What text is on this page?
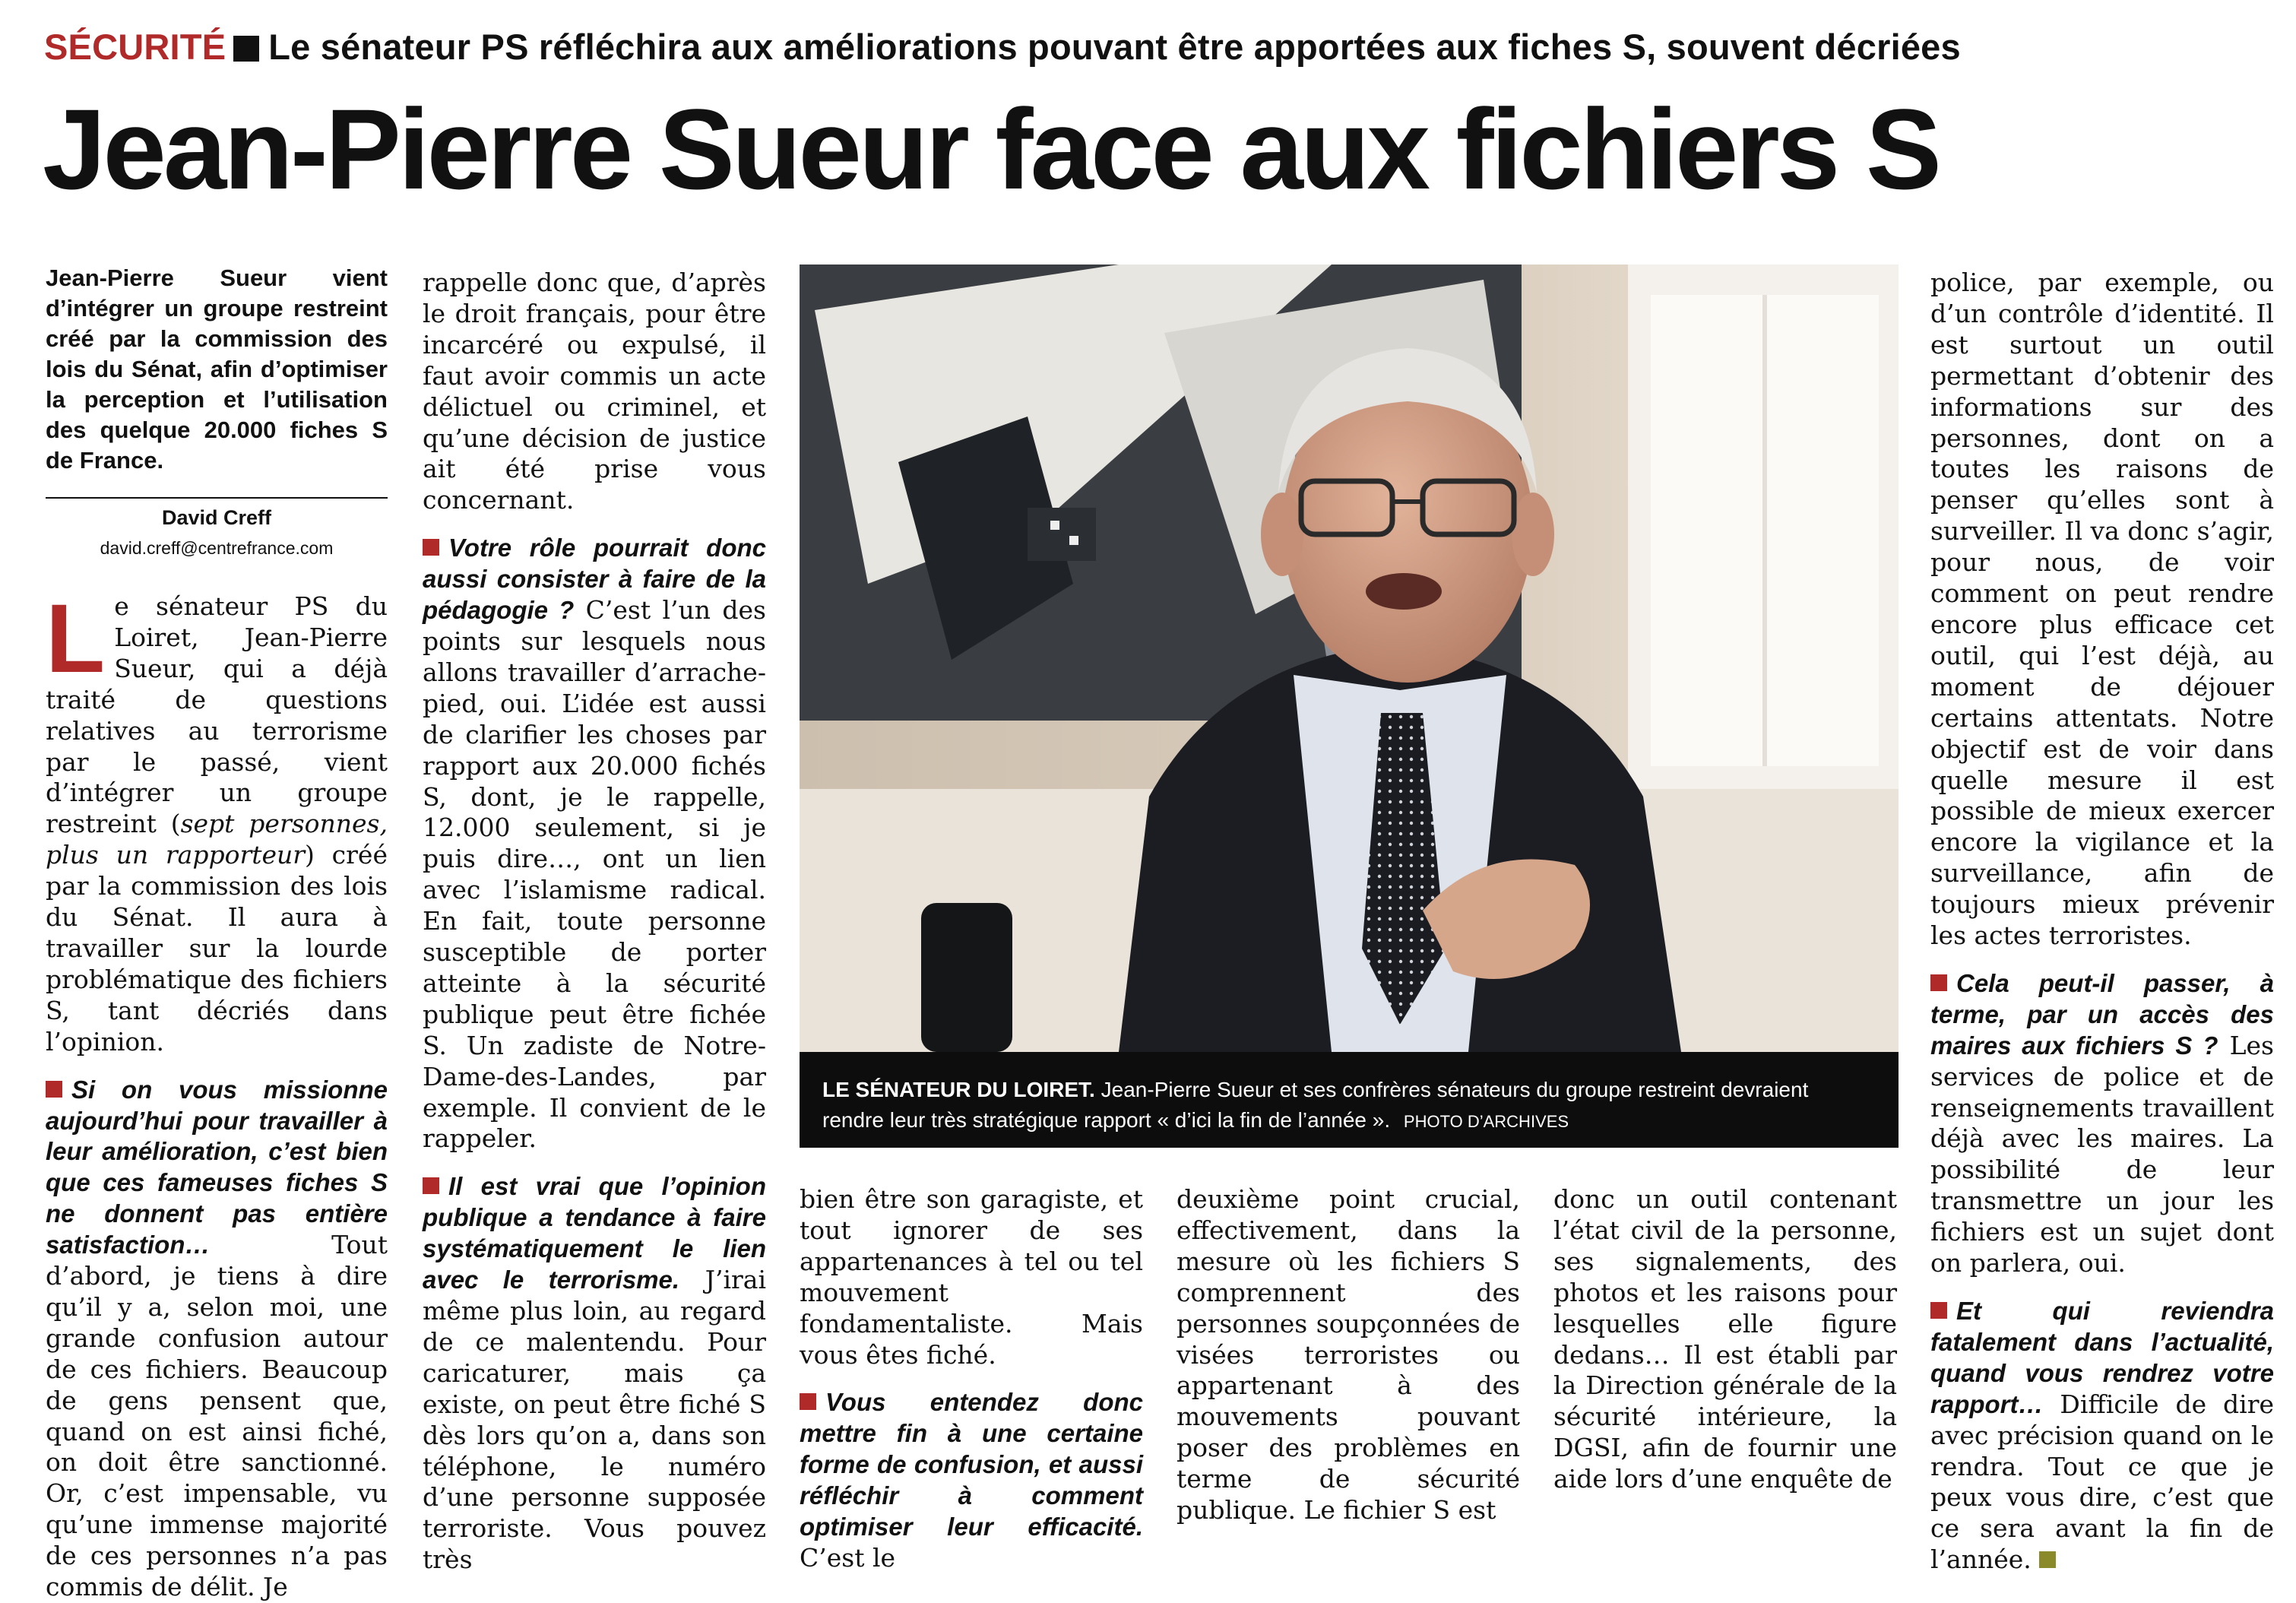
SÉCURITÉ Le sénateur PS réfléchira aux améliorations pouvant être apportées aux fiches S, souvent décriées
Jean-Pierre Sueur face aux fichiers S

Jean-Pierre Sueur vient d’intégrer un groupe restreint créé par la commission des lois du Sénat, afin d’optimiser la perception et l’utilisation des quelque 20.000 fiches S de France.

David Creff
david.creff@centrefrance.com

Le sénateur PS du Loiret, Jean-Pierre Sueur, qui a déjà traité de questions relatives au terrorisme par le passé, vient d’intégrer un groupe restreint (sept personnes, plus un rapporteur) créé par la commission des lois du Sénat. Il aura à travailler sur la lourde problématique des fichiers S, tant décriés dans l’opinion.

Si on vous missionne aujourd’hui pour travailler à leur amélioration, c’est bien que ces fameuses fiches S ne donnent pas entière satisfaction…	Tout d’abord, je tiens à dire qu’il y a, selon moi, une grande confusion autour de ces fichiers. Beaucoup de gens pensent que, quand on est ainsi fiché, on doit être sanctionné. Or, c’est impensable, vu qu’une immense majorité de ces personnes n’a pas commis de délit. Je

rappelle donc que, d’après le droit français, pour être incarcéré ou expulsé, il faut avoir commis un acte délictuel ou criminel, et qu’une décision de justice ait été prise vous concernant.

Votre rôle pourrait donc aussi consister à faire de la pédagogie ? C’est l’un des points sur lesquels nous allons travailler d’arrache-pied, oui. L’idée est aussi de clarifier les choses par rapport aux 20.000 fichés S, dont, je le rappelle, 12.000 seulement, si je puis dire…, ont un lien avec l’islamisme radical. En fait, toute personne susceptible de porter atteinte à la sécurité publique peut être fichée S. Un zadiste de Notre-Dame-des-Landes, par exemple. Il convient de le rappeler.

Il est vrai que l’opinion publique a tendance à faire systématiquement le lien avec le terrorisme. J’irai même plus loin, au regard de ce malentendu. Pour caricaturer, mais ça existe, on peut être fiché S dès lors qu’on a, dans son téléphone, le numéro d’une personne supposée terroriste. Vous pouvez très

LE SÉNATEUR DU LOIRET. Jean-Pierre Sueur et ses confrères sénateurs du groupe restreint devraient rendre leur très stratégique rapport « d’ici la fin de l’année ». PHOTO D’ARCHIVES

bien être son garagiste, et tout ignorer de ses appartenances à tel ou tel mouvement fondamentaliste. Mais vous êtes fiché.

Vous entendez donc mettre fin à une certaine forme de confusion, et aussi réfléchir à comment optimiser leur efficacité. C’est le

deuxième point crucial, effectivement, dans la mesure où les fichiers S comprennent des personnes soupçonnées de visées terroristes ou appartenant à des mouvements pouvant poser des problèmes en terme de sécurité publique. Le fichier S est

donc un outil contenant l’état civil de la personne, ses signalements, des photos et les raisons pour lesquelles elle figure dedans… Il est établi par la Direction générale de la sécurité intérieure, la DGSI, afin de fournir une aide lors d’une enquête de

police, par exemple, ou d’un contrôle d’identité. Il est surtout un outil permettant d’obtenir des informations sur des personnes, dont on a toutes les raisons de penser qu’elles sont à surveiller. Il va donc s’agir, pour nous, de voir comment on peut rendre encore plus efficace cet outil, qui l’est déjà, au moment de déjouer certains attentats. Notre objectif est de voir dans quelle mesure il est possible de mieux exercer encore la vigilance et la surveillance, afin de toujours mieux prévenir les actes terroristes.

Cela peut-il passer, à terme, par un accès des maires aux fichiers S ? Les services de police et de renseignements travaillent déjà avec les maires. La possibilité de leur transmettre un jour les fichiers est un sujet dont on parlera, oui.

Et qui reviendra fatalement dans l’actualité, quand vous rendrez votre rapport… Difficile de dire avec précision quand on le rendra. Tout ce que je peux vous dire, c’est que ce sera avant la fin de l’année.
